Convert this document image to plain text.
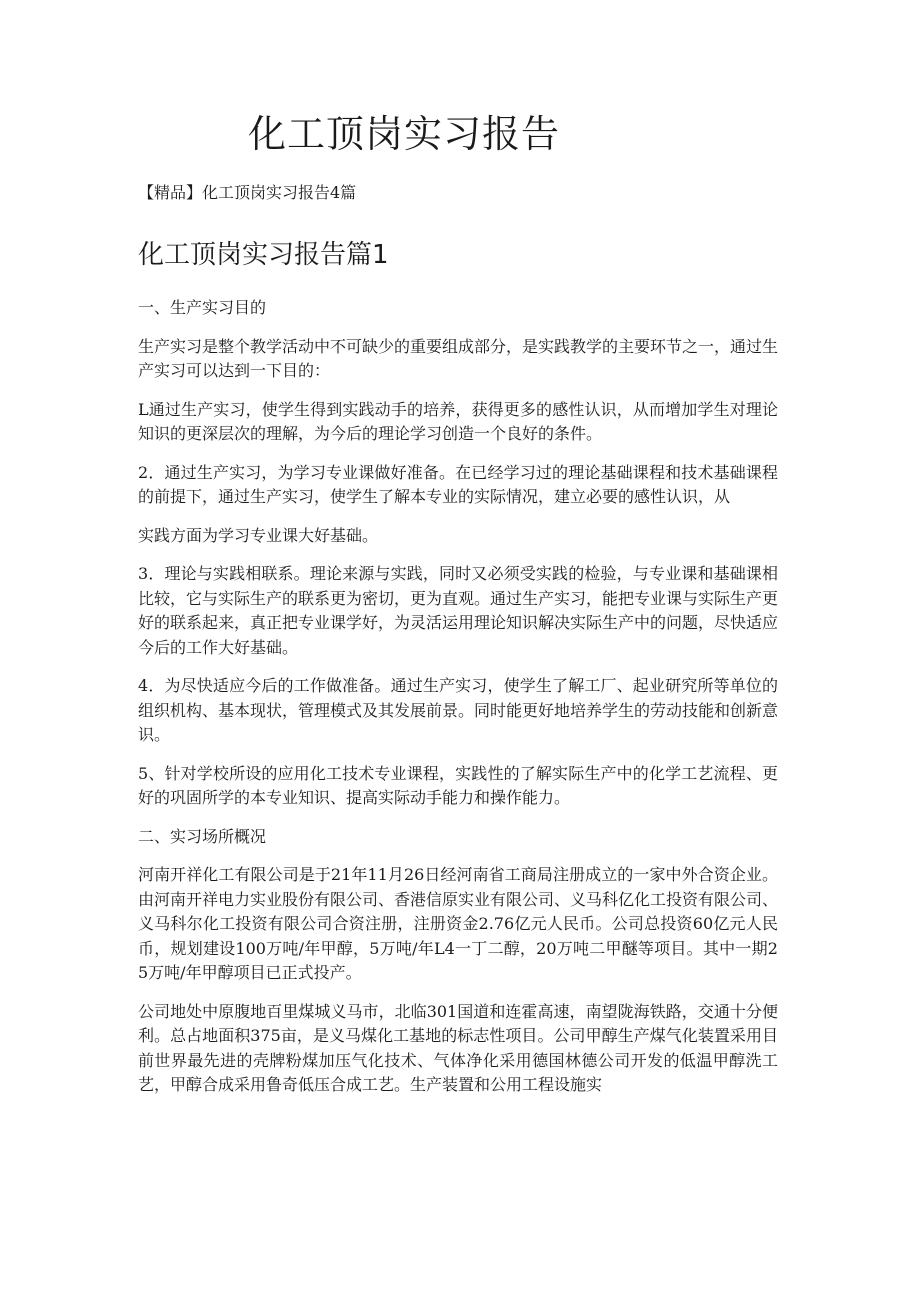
化工顶岗实习报告
【精品】化工顶岗实习报告4篇
化工顶岗实习报告篇1

一、生产实习目的

生产实习是整个教学活动中不可缺少的重要组成部分，是实践教学的主要环节之一，通过生产实习可以达到一下目的：

L通过生产实习，使学生得到实践动手的培养，获得更多的感性认识，从而增加学生对理论知识的更深层次的理解，为今后的理论学习创造一个良好的条件。

2．通过生产实习，为学习专业课做好准备。在已经学习过的理论基础课程和技术基础课程的前提下，通过生产实习，使学生了解本专业的实际情况，建立必要的感性认识，从

实践方面为学习专业课大好基础。

3．理论与实践相联系。理论来源与实践，同时又必须受实践的检验，与专业课和基础课相比较，它与实际生产的联系更为密切，更为直观。通过生产实习，能把专业课与实际生产更好的联系起来，真正把专业课学好，为灵活运用理论知识解决实际生产中的问题，尽快适应今后的工作大好基础。

4．为尽快适应今后的工作做准备。通过生产实习，使学生了解工厂、起业研究所等单位的组织机构、基本现状，管理模式及其发展前景。同时能更好地培养学生的劳动技能和创新意识。

5、针对学校所设的应用化工技术专业课程，实践性的了解实际生产中的化学工艺流程、更好的巩固所学的本专业知识、提高实际动手能力和操作能力。

二、实习场所概况

河南开祥化工有限公司是于21年11月26日经河南省工商局注册成立的一家中外合资企业。由河南开祥电力实业股份有限公司、香港信原实业有限公司、义马科亿化工投资有限公司、义马科尔化工投资有限公司合资注册，注册资金2.76亿元人民币。公司总投资60亿元人民币，规划建设100万吨/年甲醇，5万吨/年L4一丁二醇，20万吨二甲醚等项目。其中一期25万吨/年甲醇项目已正式投产。

公司地处中原腹地百里煤城义马市，北临301国道和连霍高速，南望陇海铁路，交通十分便利。总占地面积375亩，是义马煤化工基地的标志性项目。公司甲醇生产煤气化装置采用目前世界最先进的壳牌粉煤加压气化技术、气体净化采用德国林德公司开发的低温甲醇洗工艺，甲醇合成采用鲁奇低压合成工艺。生产装置和公用工程设施实
